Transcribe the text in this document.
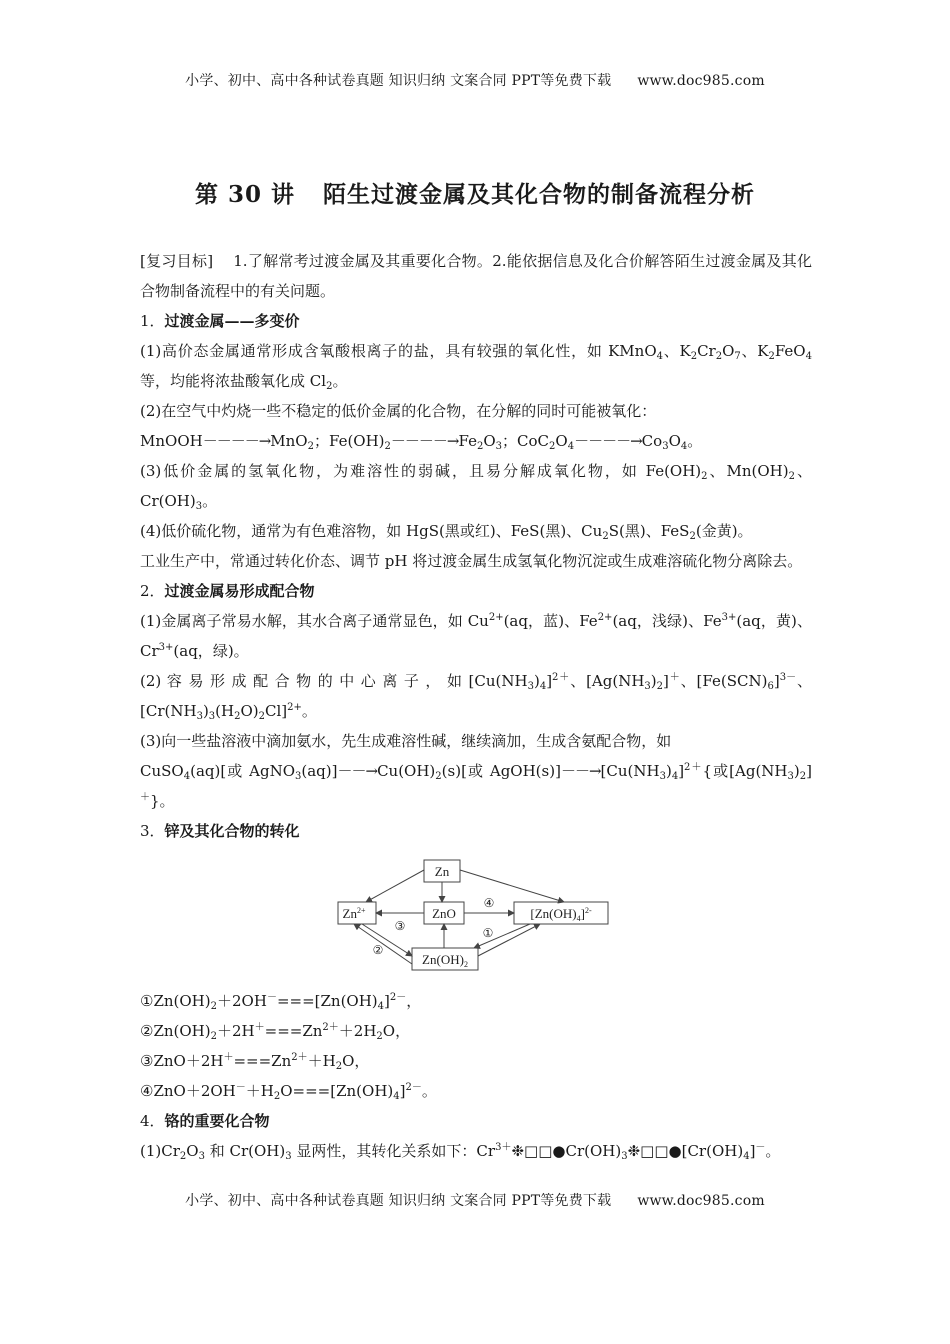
小学、初中、高中各种试卷真题 知识归纳 文案合同 PPT等免费下载 www.doc985.com
第 30 讲 陌生过渡金属及其化合物的制备流程分析

[复习目标] 1.了解常考过渡金属及其重要化合物。2.能依据信息及化合价解答陌生过渡金属及其化合物制备流程中的有关问题。

1．过渡金属——多变价

(1)高价态金属通常形成含氧酸根离子的盐，具有较强的氧化性，如 KMnO$_4$、$K_2Cr_2O_7$、$K_2FeO_4$ 等，均能将浓盐酸氧化成 $Cl_2$。

(2)在空气中灼烧一些不稳定的低价金属的化合物，在分解的同时可能被氧化：

MnOOH－－－－→MnO$_2$；$Fe(OH)_2----\to Fe_2O_3$；$CoC_2O_4----\to Co_3O_4$。

(3)低价金属的氢氧化物，为难溶性的弱碱，且易分解成氧化物，如 $Fe(OH)_2$、$Mn(OH)_2$、$Cr(OH)_3$。

(4)低价硫化物，通常为有色难溶物，如 HgS(黑或红)、FeS(黑)、$Cu_2S$(黑)、FeS$_2$(金黄)。

工业生产中，常通过转化价态、调节 pH 将过渡金属生成氢氧化物沉淀或生成难溶硫化物分离除去。

2．过渡金属易形成配合物

(1)金属离子常易水解，其水合离子通常显色，如 $Cu^{2+}(aq$，蓝)、$Fe^{2+}(aq$，浅绿)、$Fe^{3+}(aq$，黄)、$Cr^{3+}(aq$，绿)。

(2) 容 易 形 成 配 合 物 的 中 心 离 子 ， 如 $[Cu(NH_3)_4]^{2+}$、$[Ag(NH_3)_2]^+$、$[Fe(SCN)_6]^{3-}$、$[Cr(NH_3)_3(H_2O)_2Cl]^{2+}$。

(3)向一些盐溶液中滴加氨水，先生成难溶性碱，继续滴加，生成含氨配合物，如

CuSO$_4$(aq)[或 $AgNO_3(aq)]--\to Cu(OH)_2(s)$[或 $AgOH(s)]--\to[Cu(NH_3)_4]^{2+}${或$[Ag(NH_3)_2]^+$}。

3．锌及其化合物的转化

Zn
$Zn^{2+}$	ZnO	$[Zn(OH)_4]^{2-}$
$Zn(OH)_2$
④
③	①
②

$①Zn(OH)_2+2OH^-===[Zn(OH)_4]^{2-}$，

$②Zn(OH)_2+2H^+===Zn^{2+}+2H_2O$，

$③ZnO+2H^+===Zn^{2+}+H_2O$，

$④ZnO+2OH^-+H_2O===[Zn(OH)_4]^{2-}$。

4．铬的重要化合物

$(1)Cr_2O_3$ 和 $Cr(OH)_3$ 显两性，其转化关系如下：$Cr^{3+}❉□□●Cr(OH)_3❉□□●[Cr(OH)_4]^-$。

小学、初中、高中各种试卷真题 知识归纳 文案合同 PPT等免费下载 www.doc985.com
